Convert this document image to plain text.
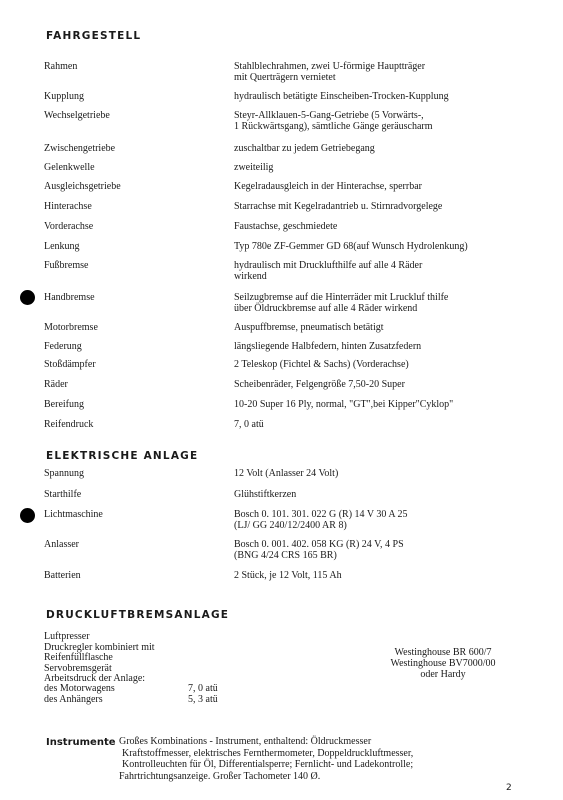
FAHRGESTELL
Rahmen	Stahlblechrahmen, zwei U-förmige Hauptträger
mit Querträgern vernietet
Kupplung	hydraulisch betätigte Einscheiben-Trocken-Kupplung
Wechselgetriebe	Steyr-Allklauen-5-Gang-Getriebe (5 Vorwärts-,
1 Rückwärtsgang), sämtliche Gänge geräuscharm
Zwischengetriebe	zuschaltbar zu jedem Getriebegang
Gelenkwelle	zweiteilig
Ausgleichsgetriebe	Kegelradausgleich in der Hinterachse, sperrbar
Hinterachse	Starrachse mit Kegelradantrieb u. Stirnradvorgelege
Vorderachse	Faustachse, geschmiedete
Lenkung	Typ 780e ZF-Gemmer GD 68(auf Wunsch Hydrolenkung)
Fußbremse	hydraulisch mit Drucklufthilfe auf alle 4 Räder
wirkend
Handbremse	Seilzugbremse auf die Hinterräder mit Lruckluf thilfe
über Öldruckbremse auf alle 4 Räder wirkend
Motorbremse	Auspuffbremse, pneumatisch betätigt
Federung	längsliegende Halbfedern, hinten Zusatzfedern
Stoßdämpfer	2 Teleskop (Fichtel & Sachs) (Vorderachse)
Räder	Scheibenräder, Felgengröße 7,50-20 Super
Bereifung	10-20 Super 16 Ply, normal, "GT",bei Kipper"Cyklop"
Reifendruck	7, 0 atü
ELEKTRISCHE ANLAGE
Spannung	12 Volt (Anlasser 24 Volt)
Starthilfe	Glühstiftkerzen
Lichtmaschine	Bosch 0. 101. 301. 022 G (R) 14 V 30 A 25
(LJ/ GG 240/12/2400 AR 8)
Anlasser	Bosch 0. 001. 402. 058 KG (R) 24 V, 4 PS
(BNG 4/24 CRS 165 BR)
Batterien	2 Stück, je 12 Volt, 115 Ah
DRUCKLUFTBREMSANLAGE
Luftpresser
Druckregler kombiniert mit
Reifenfüllflasche
Servobremsgerät
Arbeitsdruck der Anlage:
des Motorwagens	7, 0 atü
des Anhängers	5, 3 atü
Westinghouse BR 600/7
Westinghouse BV7000/00
oder Hardy
Instrumente Großes Kombinations - Instrument, enthaltend: Öldruckmesser
Kraftstoffmesser, elektrisches Fernthermometer, Doppeldruckluftmesser,
Kontrolleuchten für Öl, Differentialsperre; Fernlicht- und Ladekontrolle;
Fahrtrichtungsanzeige. Großer Tachometer 140 Ø.
2
